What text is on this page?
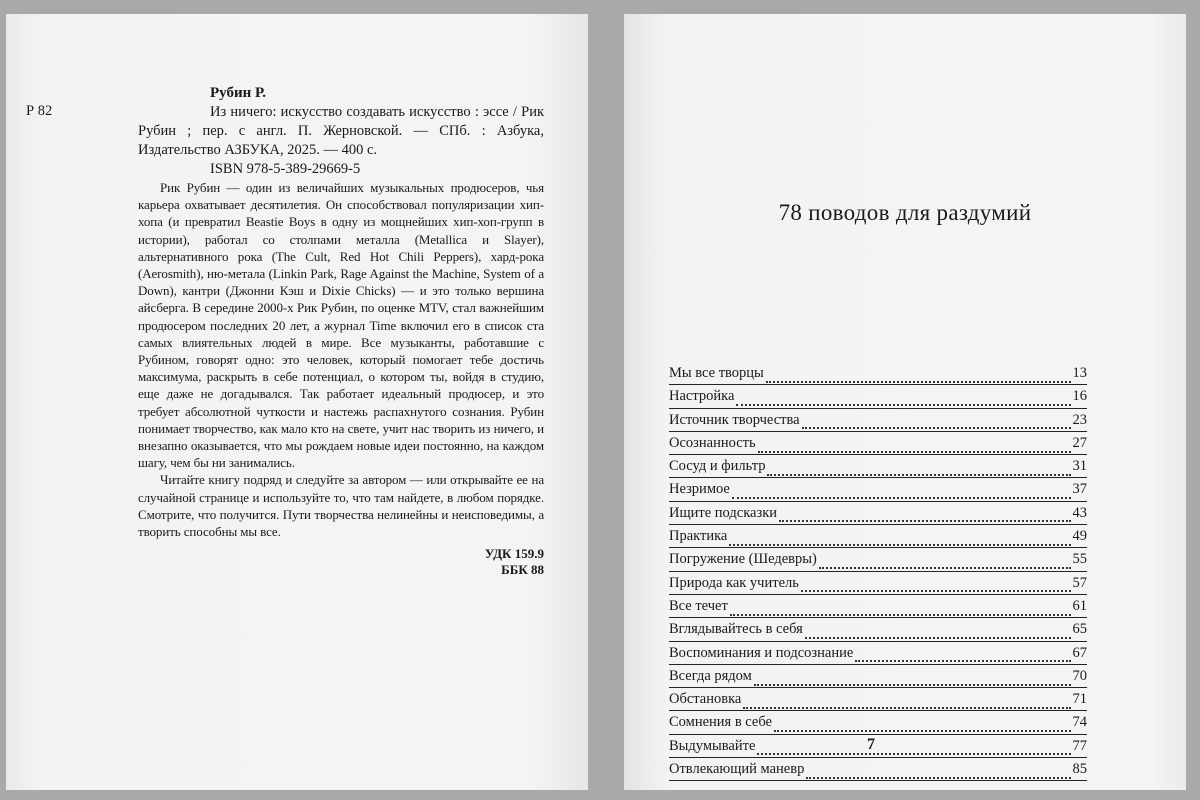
Рубин Р.
Р 82	Из ничего: искусство создавать искусство : эссе / Рик Рубин ; пер. с англ. П. Жерновской. — СПб. : Азбука, Издательство АЗБУКА, 2025. — 400 с.

ISBN 978-5-389-29669-5

Рик Рубин — один из величайших музыкальных продюсеров, чья карьера охватывает десятилетия. Он способствовал популяризации хип-хопа (и превратил Beastie Boys в одну из мощнейших хип-хоп-групп в истории), работал со столпами металла (Metallica и Slayer), альтернативного рока (The Cult, Red Hot Chili Peppers), хард-рока (Aerosmith), ню-метала (Linkin Park, Rage Against the Machine, System of a Down), кантри (Джонни Кэш и Dixie Chicks) — и это только вершина айсберга. В середине 2000-х Рик Рубин, по оценке MTV, стал важнейшим продюсером последних 20 лет, а журнал Time включил его в список ста самых влиятельных людей в мире. Все музыканты, работавшие с Рубином, говорят одно: это человек, который помогает тебе достичь максимума, раскрыть в себе потенциал, о котором ты, войдя в студию, еще даже не догадывался. Так работает идеальный продюсер, и это требует абсолютной чуткости и настежь распахнутого сознания. Рубин понимает творчество, как мало кто на свете, учит нас творить из ничего, и внезапно оказывается, что мы рождаем новые идеи постоянно, на каждом шагу, чем бы ни занимались.

Читайте книгу подряд и следуйте за автором — или открывайте ее на случайной странице и используйте то, что там найдете, в любом порядке. Смотрите, что получится. Пути творчества нелинейны и неисповедимы, а творить способны мы все.

УДК 159.9
ББК 88
78 поводов для раздумий
Мы все творцы	13
Настройка	16
Источник творчества	23
Осознанность	27
Сосуд и фильтр	31
Незримое	37
Ищите подсказки	43
Практика	49
Погружение (Шедевры)	55
Природа как учитель	57
Все течет	61
Вглядывайтесь в себя	65
Воспоминания и подсознание	67
Всегда рядом	70
Обстановка	71
Сомнения в себе	74
Выдумывайте	77
Отвлекающий маневр	85
7
